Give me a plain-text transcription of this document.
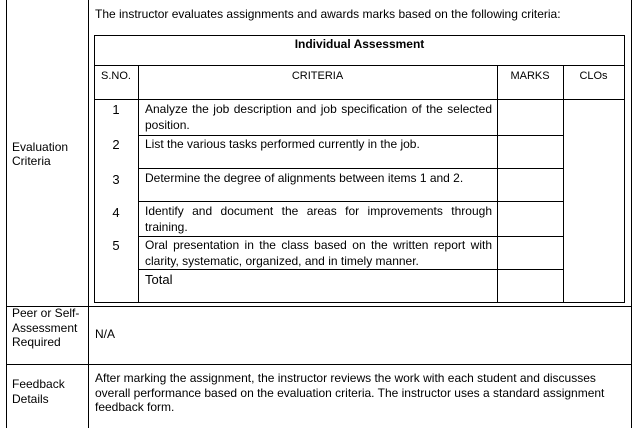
Evaluation Criteria
The instructor evaluates assignments and awards marks based on the following criteria:
Individual Assessment
S.NO.	CRITERIA	MARKS	CLOs
1	Analyze the job description and job specification of the selected position.
2	List the various tasks performed currently in the job.
3	Determine the degree of alignments between items 1 and 2.
4	Identify and document the areas for improvements through training.
5	Oral presentation in the class based on the written report with clarity, systematic, organized, and in timely manner.
Total
Peer or Self-Assessment Required
N/A
Feedback Details
After marking the assignment, the instructor reviews the work with each student and discusses overall performance based on the evaluation criteria. The instructor uses a standard assignment feedback form.
